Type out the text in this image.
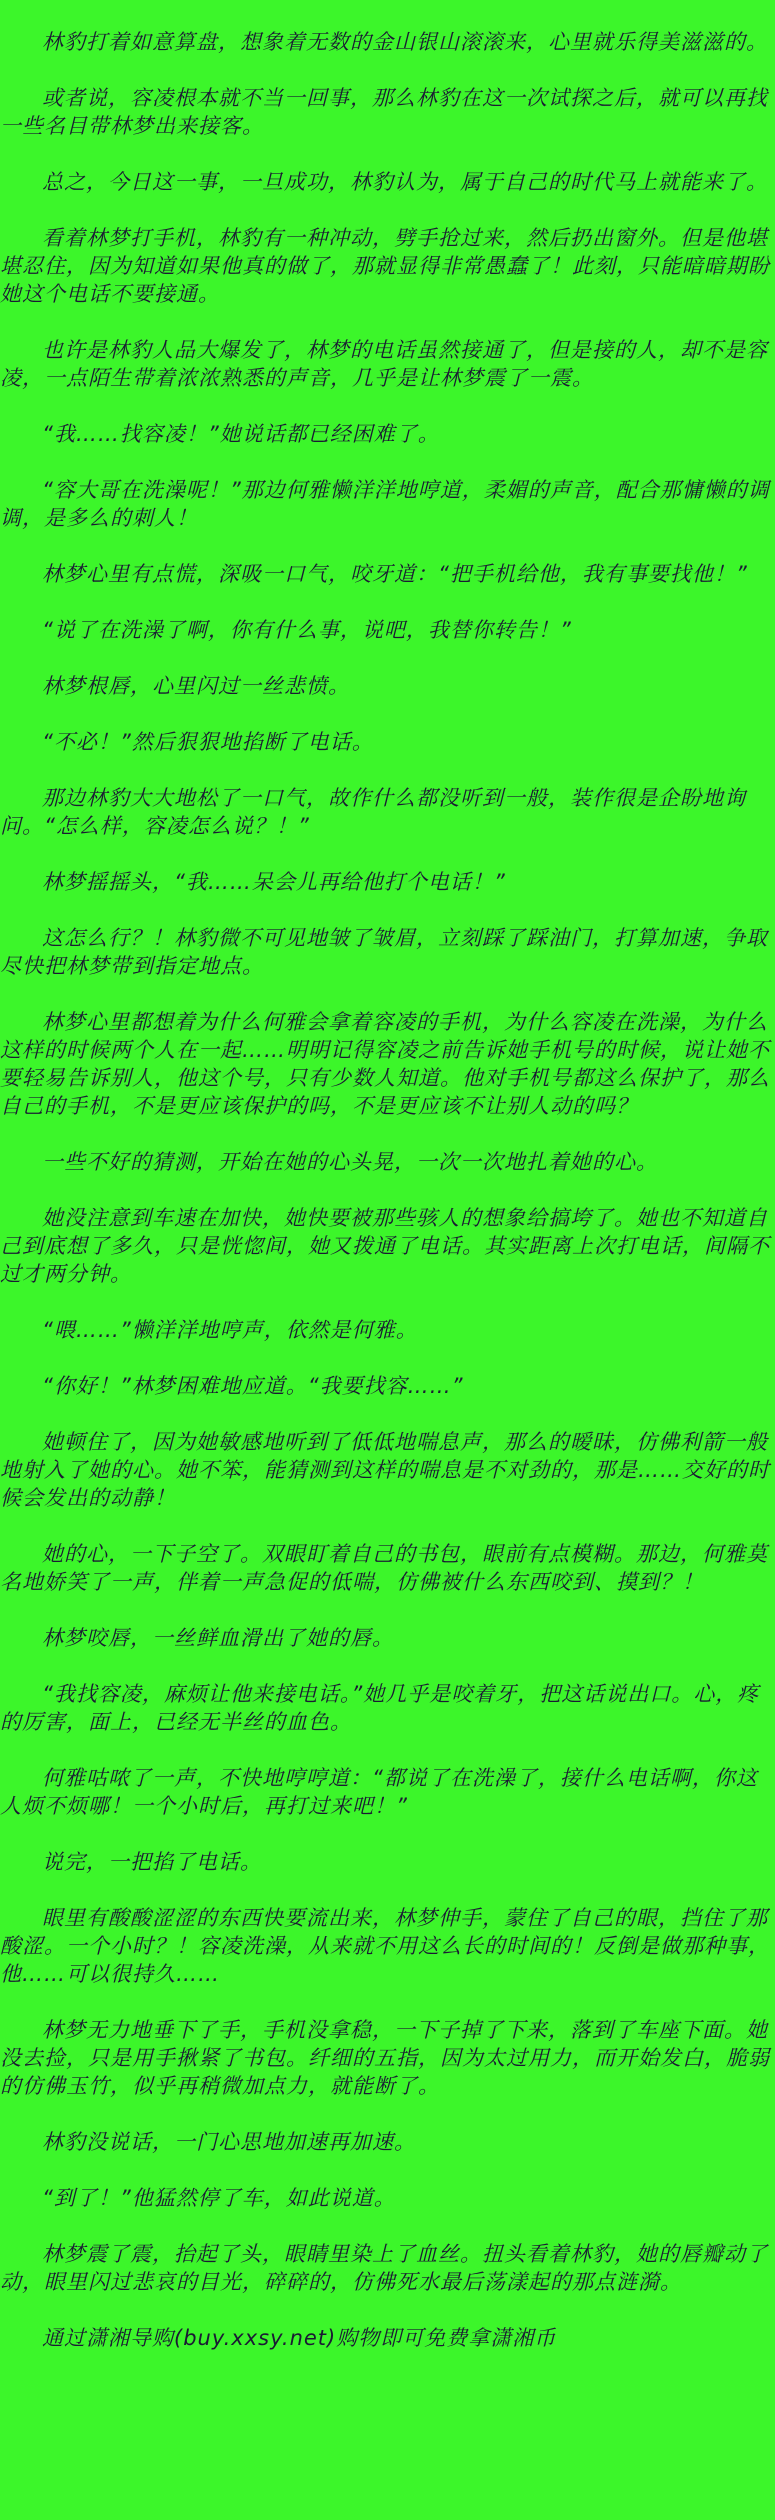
林豹打着如意算盘，想象着无数的金山银山滚滚来，心里就乐得美滋滋的。

或者说，容凌根本就不当一回事，那么林豹在这一次试探之后，就可以再找一些名目带林梦出来接客。

总之，今日这一事，一旦成功，林豹认为，属于自己的时代马上就能来了。

看着林梦打手机，林豹有一种冲动，劈手抢过来，然后扔出窗外。但是他堪堪忍住，因为知道如果他真的做了，那就显得非常愚蠢了！此刻，只能暗暗期盼她这个电话不要接通。

也许是林豹人品大爆发了，林梦的电话虽然接通了，但是接的人，却不是容凌，一点陌生带着浓浓熟悉的声音，几乎是让林梦震了一震。

“我……找容凌！”她说话都已经困难了。

“容大哥在洗澡呢！”那边何雅懒洋洋地哼道，柔媚的声音，配合那慵懒的调调，是多么的刺人！

林梦心里有点慌，深吸一口气，咬牙道：“把手机给他，我有事要找他！”

“说了在洗澡了啊，你有什么事，说吧，我替你转告！”

林梦根唇，心里闪过一丝悲愤。

“不必！”然后狠狠地掐断了电话。

那边林豹大大地松了一口气，故作什么都没听到一般，装作很是企盼地询问。“怎么样，容凌怎么说？！”

林梦摇摇头，“我……呆会儿再给他打个电话！”

这怎么行？！林豹微不可见地皱了皱眉，立刻踩了踩油门，打算加速，争取尽快把林梦带到指定地点。

林梦心里都想着为什么何雅会拿着容凌的手机，为什么容凌在洗澡，为什么这样的时候两个人在一起……明明记得容凌之前告诉她手机号的时候，说让她不要轻易告诉别人，他这个号，只有少数人知道。他对手机号都这么保护了，那么自己的手机，不是更应该保护的吗，不是更应该不让别人动的吗？

一些不好的猜测，开始在她的心头晃，一次一次地扎着她的心。

她没注意到车速在加快，她快要被那些骇人的想象给搞垮了。她也不知道自己到底想了多久，只是恍惚间，她又拨通了电话。其实距离上次打电话，间隔不过才两分钟。

“喂……”懒洋洋地哼声，依然是何雅。

“你好！”林梦困难地应道。“我要找容……”

她顿住了，因为她敏感地听到了低低地喘息声，那么的暧昧，仿佛利箭一般地射入了她的心。她不笨，能猜测到这样的喘息是不对劲的，那是……交好的时候会发出的动静！

她的心，一下子空了。双眼盯着自己的书包，眼前有点模糊。那边，何雅莫名地娇笑了一声，伴着一声急促的低喘，仿佛被什么东西咬到、摸到？！

林梦咬唇，一丝鲜血滑出了她的唇。

“我找容凌，麻烦让他来接电话。”她几乎是咬着牙，把这话说出口。心，疼的厉害，面上，已经无半丝的血色。

何雅咕哝了一声，不快地哼哼道：“都说了在洗澡了，接什么电话啊，你这人烦不烦哪！一个小时后，再打过来吧！”

说完，一把掐了电话。

眼里有酸酸涩涩的东西快要流出来，林梦伸手，蒙住了自己的眼，挡住了那酸涩。一个小时？！容凌洗澡，从来就不用这么长的时间的！反倒是做那种事，他……可以很持久……

林梦无力地垂下了手，手机没拿稳，一下子掉了下来，落到了车座下面。她没去捡，只是用手揪紧了书包。纤细的五指，因为太过用力，而开始发白，脆弱的仿佛玉竹，似乎再稍微加点力，就能断了。

林豹没说话，一门心思地加速再加速。

“到了！”他猛然停了车，如此说道。

林梦震了震，抬起了头，眼睛里染上了血丝。扭头看着林豹，她的唇瓣动了动，眼里闪过悲哀的目光，碎碎的，仿佛死水最后荡漾起的那点涟漪。

通过潇湘导购(buy.xxsy.net)购物即可免费拿潇湘币
